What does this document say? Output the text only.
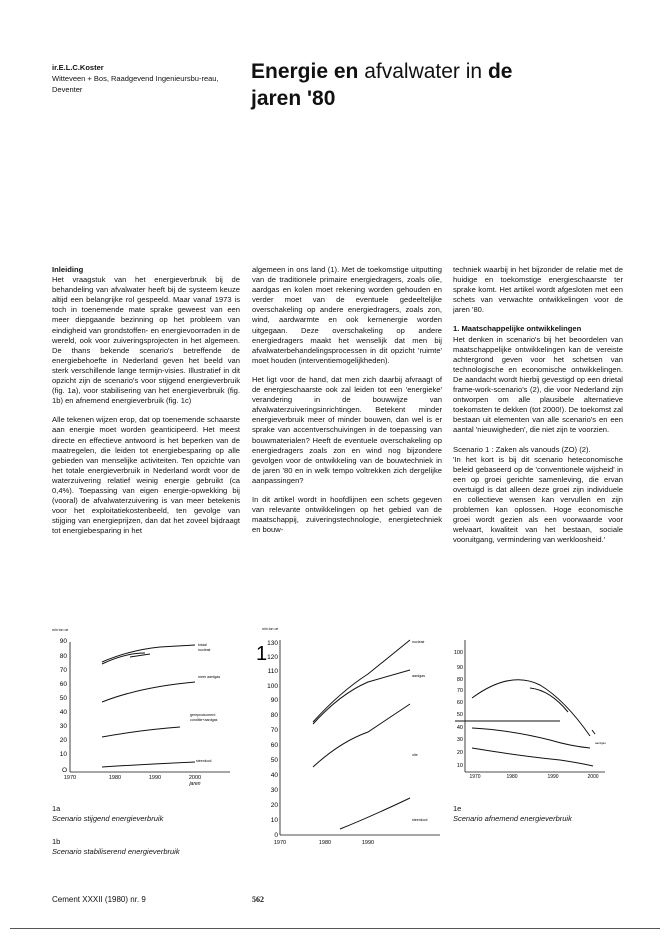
ir.E.L.C.Koster
Witteveen + Bos, Raadgevend Ingenieursbu-reau, Deventer
Energie en afvalwater in de
jaren '80
Inleiding

Het vraagstuk van het energieverbruik bij de behandeling van afvalwater heeft bij de systeem keuze altijd een belangrijke rol gespeeld. Maar vanaf 1973 is toch in toenemende mate sprake geweest van een meer diepgaande bezinning op het probleem van eindigheid van grondstoffen- en energievoorraden in de wereld, ook voor zuiveringsprojecten in het algemeen. De thans bekende scenario's betreffende de energiebehoefte in Nederland geven het beeld van sterk verschillende lange termijn-visies. Illustratief in dit opzicht zijn de scenario's voor stijgend energieverbruik (fig. 1a), voor stabilisering van het energieverbruik (fig. 1b) en afnemend energieverbruik (fig. 1c)

Alle tekenen wijzen erop, dat op toenemende schaarste aan energie moet worden geanticipeerd. Het meest directe en effectieve antwoord is het beperken van de maatregelen, die leiden tot energiebesparing op alle gebieden van menselijke activiteiten. Ten opzichte van het totale energieverbruik in Nederland wordt voor de waterzuivering relatief weinig energie gebruikt (ca 0,4%). Toepassing van eigen energie-opwekking bij (vooral) de afvalwaterzuivering is van meer betekenis voor het exploitatiekostenbeeld, ten gevolge van stijging van energieprijzen, dan dat het zoveel bijdraagt tot energiebesparing in het

algemeen in ons land (1). Met de toekomstige uitputting van de traditionele primaire energiedragers, zoals olie, aardgas en kolen moet rekening worden gehouden en verder moet van de eventuele gedeeltelijke overschakeling op andere energiedragers, zoals zon, wind, aardwarmte en ook kernenergie worden uitgegaan. Deze overschakeling op andere energiedragers maakt het wenselijk dat men bij afvalwaterbehandelingsprocessen in dit opzicht 'ruimte' moet houden (interventiemogelijkheden).

Het ligt voor de hand, dat men zich daarbij afvraagt of de energieschaarste ook zal leiden tot een 'energieke' verandering in de bouwwijze van afvalwaterzuiveringsinrichtingen. Betekent minder energieverbruik meer of minder bouwen, dan wel is er sprake van accentverschuivingen in de toepassing van bouwmaterialen? Heeft de eventuele overschakeling op energiedragers zoals zon en wind nog bijzondere gevolgen voor de ontwikkeling van de bouwtechniek in de jaren '80 en in welk tempo voltrekken zich dergelijke aanpassingen?

In dit artikel wordt in hoofdlijnen een schets gegeven van relevante ontwikkelingen op het gebied van de maatschappij, zuiveringstechnologie, energietechniek en bouw-

techniek waarbij in het bijzonder de relatie met de huidige en toekomstige energieschaarste ter sprake komt. Het artikel wordt afgesloten met een schets van verwachte ontwikkelingen voor de jaren '80.

1. Maatschappelijke ontwikkelingen

Het denken in scenario's bij het beoordelen van maatschappelijke ontwikkelingen kan de vereiste achtergrond geven voor het schetsen van technologische en economische ontwikkelingen. De aandacht wordt hierbij gevestigd op een drietal frame-work-scenario's (2), die voor Nederland zijn ontworpen om alle plausibele alternatieve toekomsten te dekken (tot 2000!). De toekomst zal bestaan uit elementen van alle scenario's en een aantal 'nieuwigheden', die niet zijn te voorzien.

Scenario 1 : Zaken als vanouds (ZO) (2).

'In het kort is bij dit scenario heteconomische beleid gebaseerd op de 'conventionele wijsheid' in een op groei gerichte samenleving, die ervan overtuigd is dat alleen deze groei zijn individuele en collectieve wensen kan vervullen en zijn problemen kan oplossen. Hoge economische groei wordt gezien als een voorwaarde voor welvaart, kwaliteit van het bestaan, sociale vooruitgang, vermindering van werkloosheid.'

mln ton oe
90
80
70
60
50
40
30
20
10
O
1970	1980	1990	2000
jaren
totaal
nucleair
meer aardgas
gereproduceerd
conditie+aardgas
steenkool
mln ton oe
1 130
120
110
100
90
80
70
60
50
40
30
20
10
0
1970	1980	1990
nucleair
aardgas
olie
steenkool
100
90
80
70
60
50
40
30
20
10
1970	1980	1990	2000
aardgas
1a
Scenario stijgend energieverbruik
1b
Scenario stabiliserend energieverbruik
1e
Scenario afnemend energieverbruik
Cement XXXII (1980) nr. 9	562
